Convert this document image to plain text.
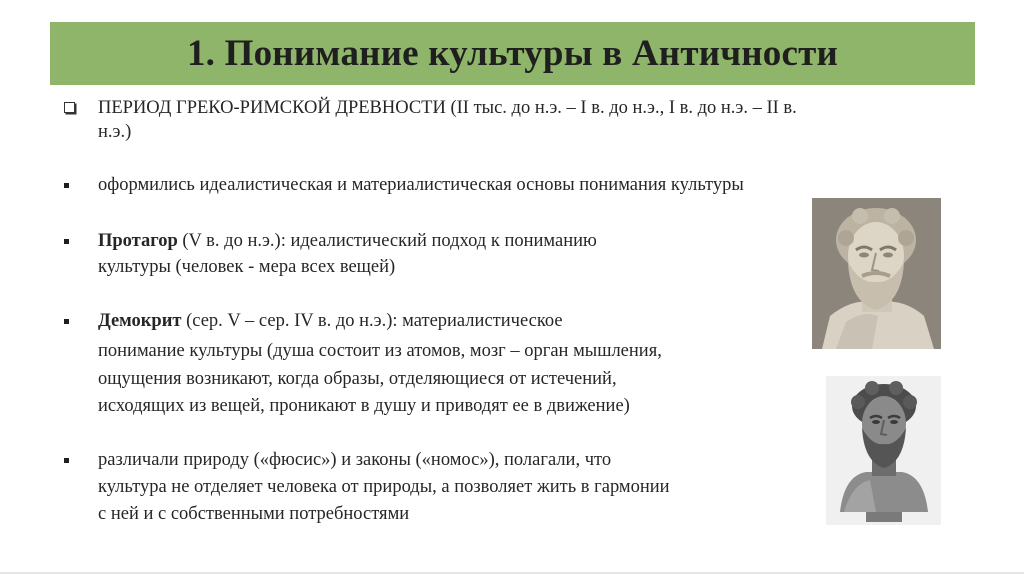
1. Понимание культуры в Античности
ПЕРИОД ГРЕКО-РИМСКОЙ ДРЕВНОСТИ (II тыс. до н.э. – I в. до н.э., I в. до н.э. – II в.
н.э.)
оформились идеалистическая и материалистическая основы понимания культуры
Протагор (V в. до н.э.): идеалистический подход к пониманию
культуры (человек - мера всех вещей)
Демокрит (сер. V – сер. IV в. до н.э.): материалистическое
понимание культуры (душа состоит из атомов, мозг – орган мышления,
ощущения возникают, когда образы, отделяющиеся от истечений,
исходящих из вещей, проникают в душу и приводят ее в движение)
различали природу («фюсис») и законы («номос»), полагали, что
культура не отделяет человека от природы, а позволяет жить в гармонии
с ней и с собственными потребностями
